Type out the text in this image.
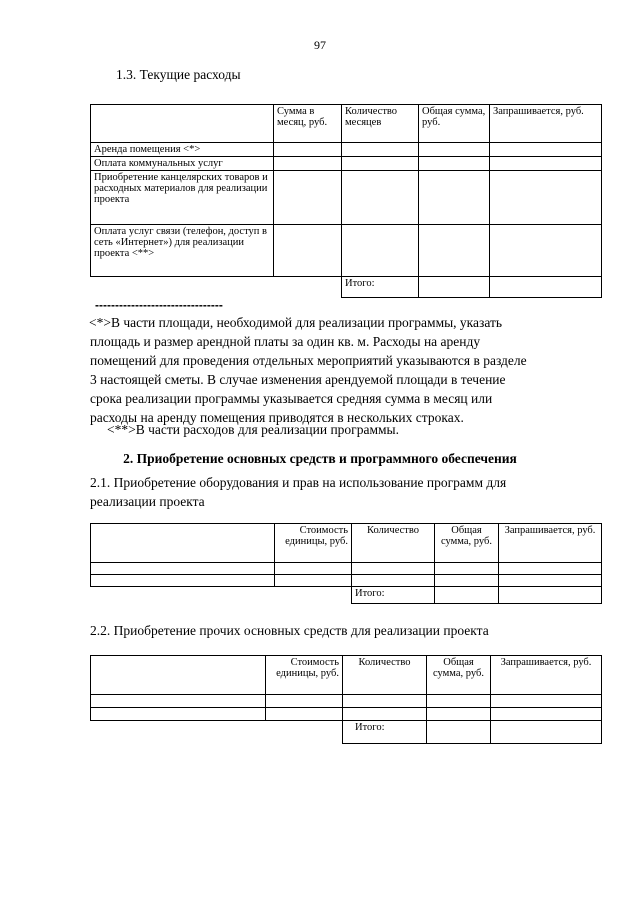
97
1.3. Текущие расходы
	Сумма в месяц, руб.	Количество месяцев	Общая сумма, руб.	Запрашивается, руб.
Аренда помещения <*>				
Оплата коммунальных услуг				
Приобретение канцелярских товаров и расходных материалов для реализации проекта				
Оплата услуг связи (телефон, доступ в сеть «Интернет») для реализации проекта <**>				
		Итого:		
--------------------------------
<*>В части площади, необходимой для реализации программы, указать
площадь и размер арендной платы за один кв. м. Расходы на аренду
помещений для проведения отдельных мероприятий указываются в разделе
3 настоящей сметы. В случае изменения арендуемой площади в течение
срока реализации программы указывается средняя сумма в месяц или
расходы на аренду помещения приводятся в нескольких строках.
<**>В части расходов для реализации программы.
2. Приобретение основных средств и программного обеспечения
2.1. Приобретение оборудования и прав на использование программ для
реализации проекта
	Стоимость единицы, руб.	Количество	Общая сумма, руб.	Запрашивается, руб.

		Итого:		
2.2. Приобретение прочих основных средств для реализации проекта
	Стоимость единицы, руб.	Количество	Общая сумма, руб.	Запрашивается, руб.

		Итого:		
